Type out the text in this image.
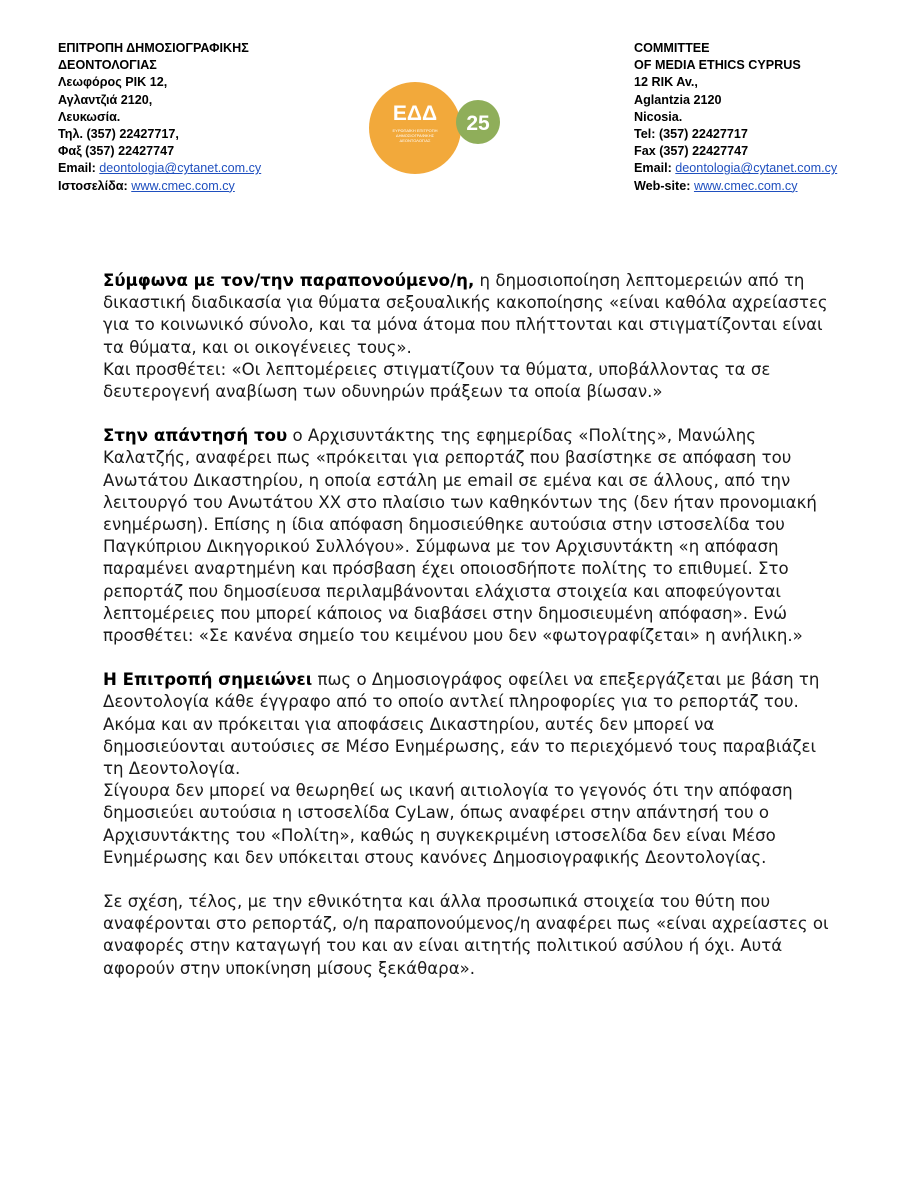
ΕΠΙΤΡΟΠΗ ΔΗΜΟΣΙΟΓΡΑΦΙΚΗΣ
ΔΕΟΝΤΟΛΟΓΙΑΣ
Λεωφόρος ΡΙΚ 12,
Αγλαντζιά 2120,
Λευκωσία.
Τηλ. (357) 22427717,
Φαξ (357) 22427747
Email: deontologia@cytanet.com.cy
Ιστοσελίδα: www.cmec.com.cy
ΕΔΔ
ΕΥΡΩΠΑΪΚΗ ΕΠΙΤΡΟΠΗ
ΔΗΜΟΣΙΟΓΡΑΦΙΚΗΣ
ΔΕΟΝΤΟΛΟΓΙΑΣ
25
COMMITTEE
OF MEDIA ETHICS CYPRUS
12 RIK Av.,
Aglantzia 2120
Nicosia.
Tel: (357) 22427717
Fax (357) 22427747
Email: deontologia@cytanet.com.cy
Web-site: www.cmec.com.cy

Σύμφωνα με τον/την παραπονούμενο/η, η δημοσιοποίηση λεπτομερειών από τη δικαστική διαδικασία για θύματα σεξουαλικής κακοποίησης «είναι καθόλα αχρείαστες για το κοινωνικό σύνολο, και τα μόνα άτομα που πλήττονται και στιγματίζονται είναι τα θύματα, και οι οικογένειες τους».
Και προσθέτει: «Οι λεπτομέρειες στιγματίζουν τα θύματα, υποβάλλοντας τα σε δευτερογενή αναβίωση των οδυνηρών πράξεων τα οποία βίωσαν.»

Στην απάντησή του ο Αρχισυντάκτης της εφημερίδας «Πολίτης», Μανώλης Καλατζής, αναφέρει πως «πρόκειται για ρεπορτάζ που βασίστηκε σε απόφαση του Ανωτάτου Δικαστηρίου, η οποία εστάλη με email σε εμένα και σε άλλους, από την λειτουργό του Ανωτάτου ΧΧ στο πλαίσιο των καθηκόντων της (δεν ήταν προνομιακή ενημέρωση). Επίσης η ίδια απόφαση δημοσιεύθηκε αυτούσια στην ιστοσελίδα του Παγκύπριου Δικηγορικού Συλλόγου». Σύμφωνα με τον Αρχισυντάκτη «η απόφαση παραμένει αναρτημένη και πρόσβαση έχει οποιοσδήποτε πολίτης το επιθυμεί. Στο ρεπορτάζ που δημοσίευσα περιλαμβάνονται ελάχιστα στοιχεία και αποφεύγονται λεπτομέρειες που μπορεί κάποιος να διαβάσει στην δημοσιευμένη απόφαση». Ενώ προσθέτει: «Σε κανένα σημείο του κειμένου μου δεν «φωτογραφίζεται» η ανήλικη.»

Η Επιτροπή σημειώνει πως ο Δημοσιογράφος οφείλει να επεξεργάζεται με βάση τη Δεοντολογία κάθε έγγραφο από το οποίο αντλεί πληροφορίες για το ρεπορτάζ του. Ακόμα και αν πρόκειται για αποφάσεις Δικαστηρίου, αυτές δεν μπορεί να δημοσιεύονται αυτούσιες σε Μέσο Ενημέρωσης, εάν το περιεχόμενό τους παραβιάζει τη Δεοντολογία.
Σίγουρα δεν μπορεί να θεωρηθεί ως ικανή αιτιολογία το γεγονός ότι την απόφαση δημοσιεύει αυτούσια η ιστοσελίδα CyLaw, όπως αναφέρει στην απάντησή του ο Αρχισυντάκτης του «Πολίτη», καθώς η συγκεκριμένη ιστοσελίδα δεν είναι Μέσο Ενημέρωσης και δεν υπόκειται στους κανόνες Δημοσιογραφικής Δεοντολογίας.

Σε σχέση, τέλος, με την εθνικότητα και άλλα προσωπικά στοιχεία του θύτη που αναφέρονται στο ρεπορτάζ, ο/η παραπονούμενος/η αναφέρει πως «είναι αχρείαστες οι αναφορές στην καταγωγή του και αν είναι αιτητής πολιτικού ασύλου ή όχι. Αυτά αφορούν στην υποκίνηση μίσους ξεκάθαρα».
